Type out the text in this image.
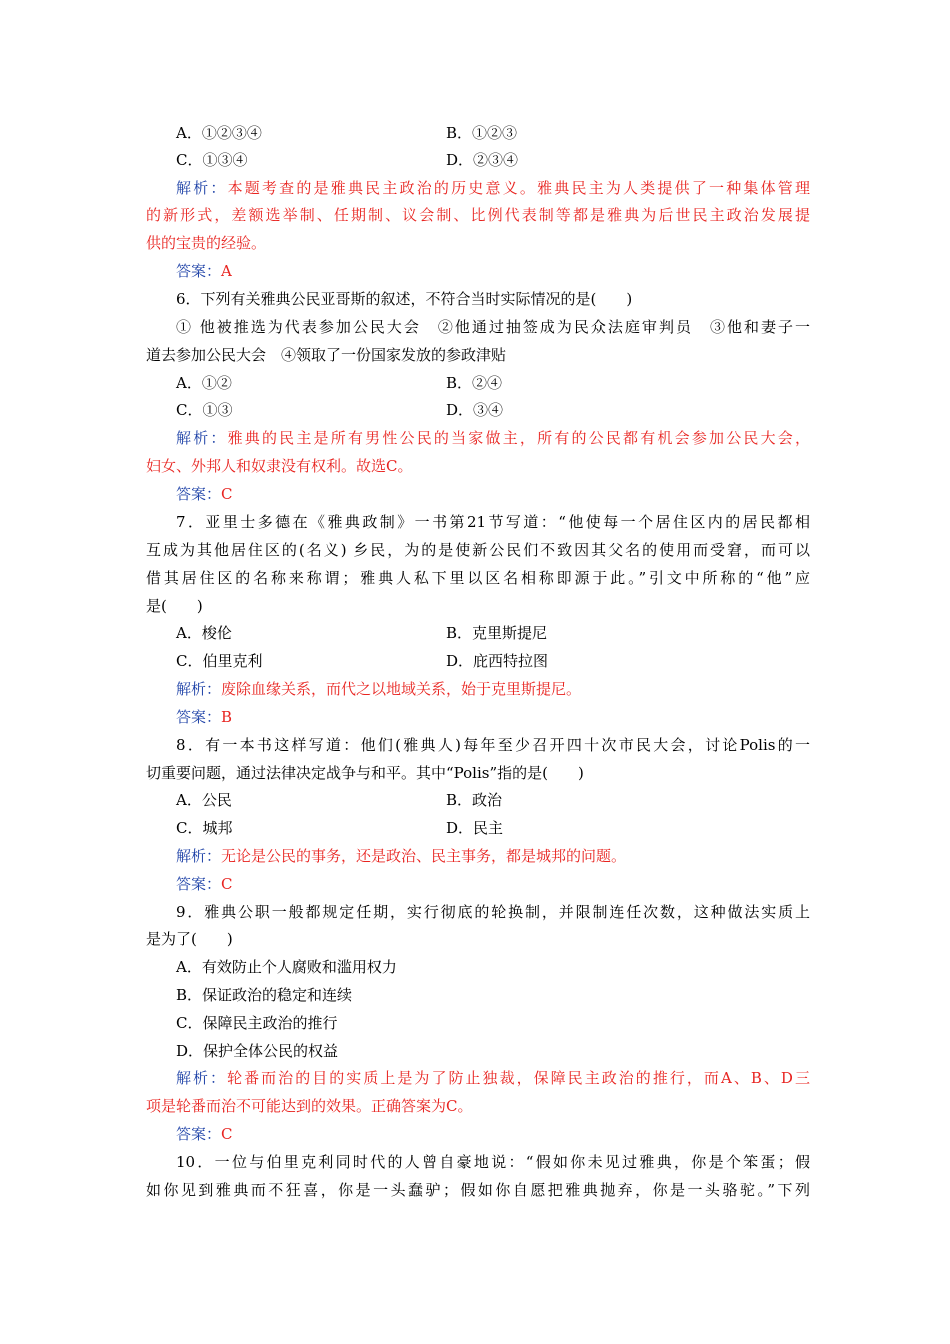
A．①②③④	B．①②③
C．①③④	D．②③④
解析：本题考查的是雅典民主政治的历史意义。雅典民主为人类提供了一种集体管理
的新形式，差额选举制、任期制、议会制、比例代表制等都是雅典为后世民主政治发展提
供的宝贵的经验。
答案：A
6．下列有关雅典公民亚哥斯的叙述，不符合当时实际情况的是(　　)
① 他被推选为代表参加公民大会　②他通过抽签成为民众法庭审判员　③他和妻子一
道去参加公民大会　④领取了一份国家发放的参政津贴
A．①②	B．②④
C．①③	D．③④
解析：雅典的民主是所有男性公民的当家做主，所有的公民都有机会参加公民大会，
妇女、外邦人和奴隶没有权利。故选C。
答案：C
7．亚里士多德在《雅典政制》一书第21节写道：“他使每一个居住区内的居民都相
互成为其他居住区的(名义) 乡民，为的是使新公民们不致因其父名的使用而受窘，而可以
借其居住区的名称来称谓；雅典人私下里以区名相称即源于此。”引文中所称的“他”应
是(　　)
A．梭伦	B．克里斯提尼
C．伯里克利	D．庇西特拉图
解析：废除血缘关系，而代之以地域关系，始于克里斯提尼。
答案：B
8．有一本书这样写道：他们(雅典人)每年至少召开四十次市民大会，讨论Polis的一
切重要问题，通过法律决定战争与和平。其中“Polis”指的是(　　)
A．公民	B．政治
C．城邦	D．民主
解析：无论是公民的事务，还是政治、民主事务，都是城邦的问题。
答案：C
9．雅典公职一般都规定任期，实行彻底的轮换制，并限制连任次数，这种做法实质上
是为了(　　)
A．有效防止个人腐败和滥用权力
B．保证政治的稳定和连续
C．保障民主政治的推行
D．保护全体公民的权益
解析：轮番而治的目的实质上是为了防止独裁，保障民主政治的推行，而A、B、D三
项是轮番而治不可能达到的效果。正确答案为C。
答案：C
10．一位与伯里克利同时代的人曾自豪地说：“假如你未见过雅典，你是个笨蛋；假
如你见到雅典而不狂喜，你是一头蠢驴；假如你自愿把雅典抛弃，你是一头骆驼。”下列
